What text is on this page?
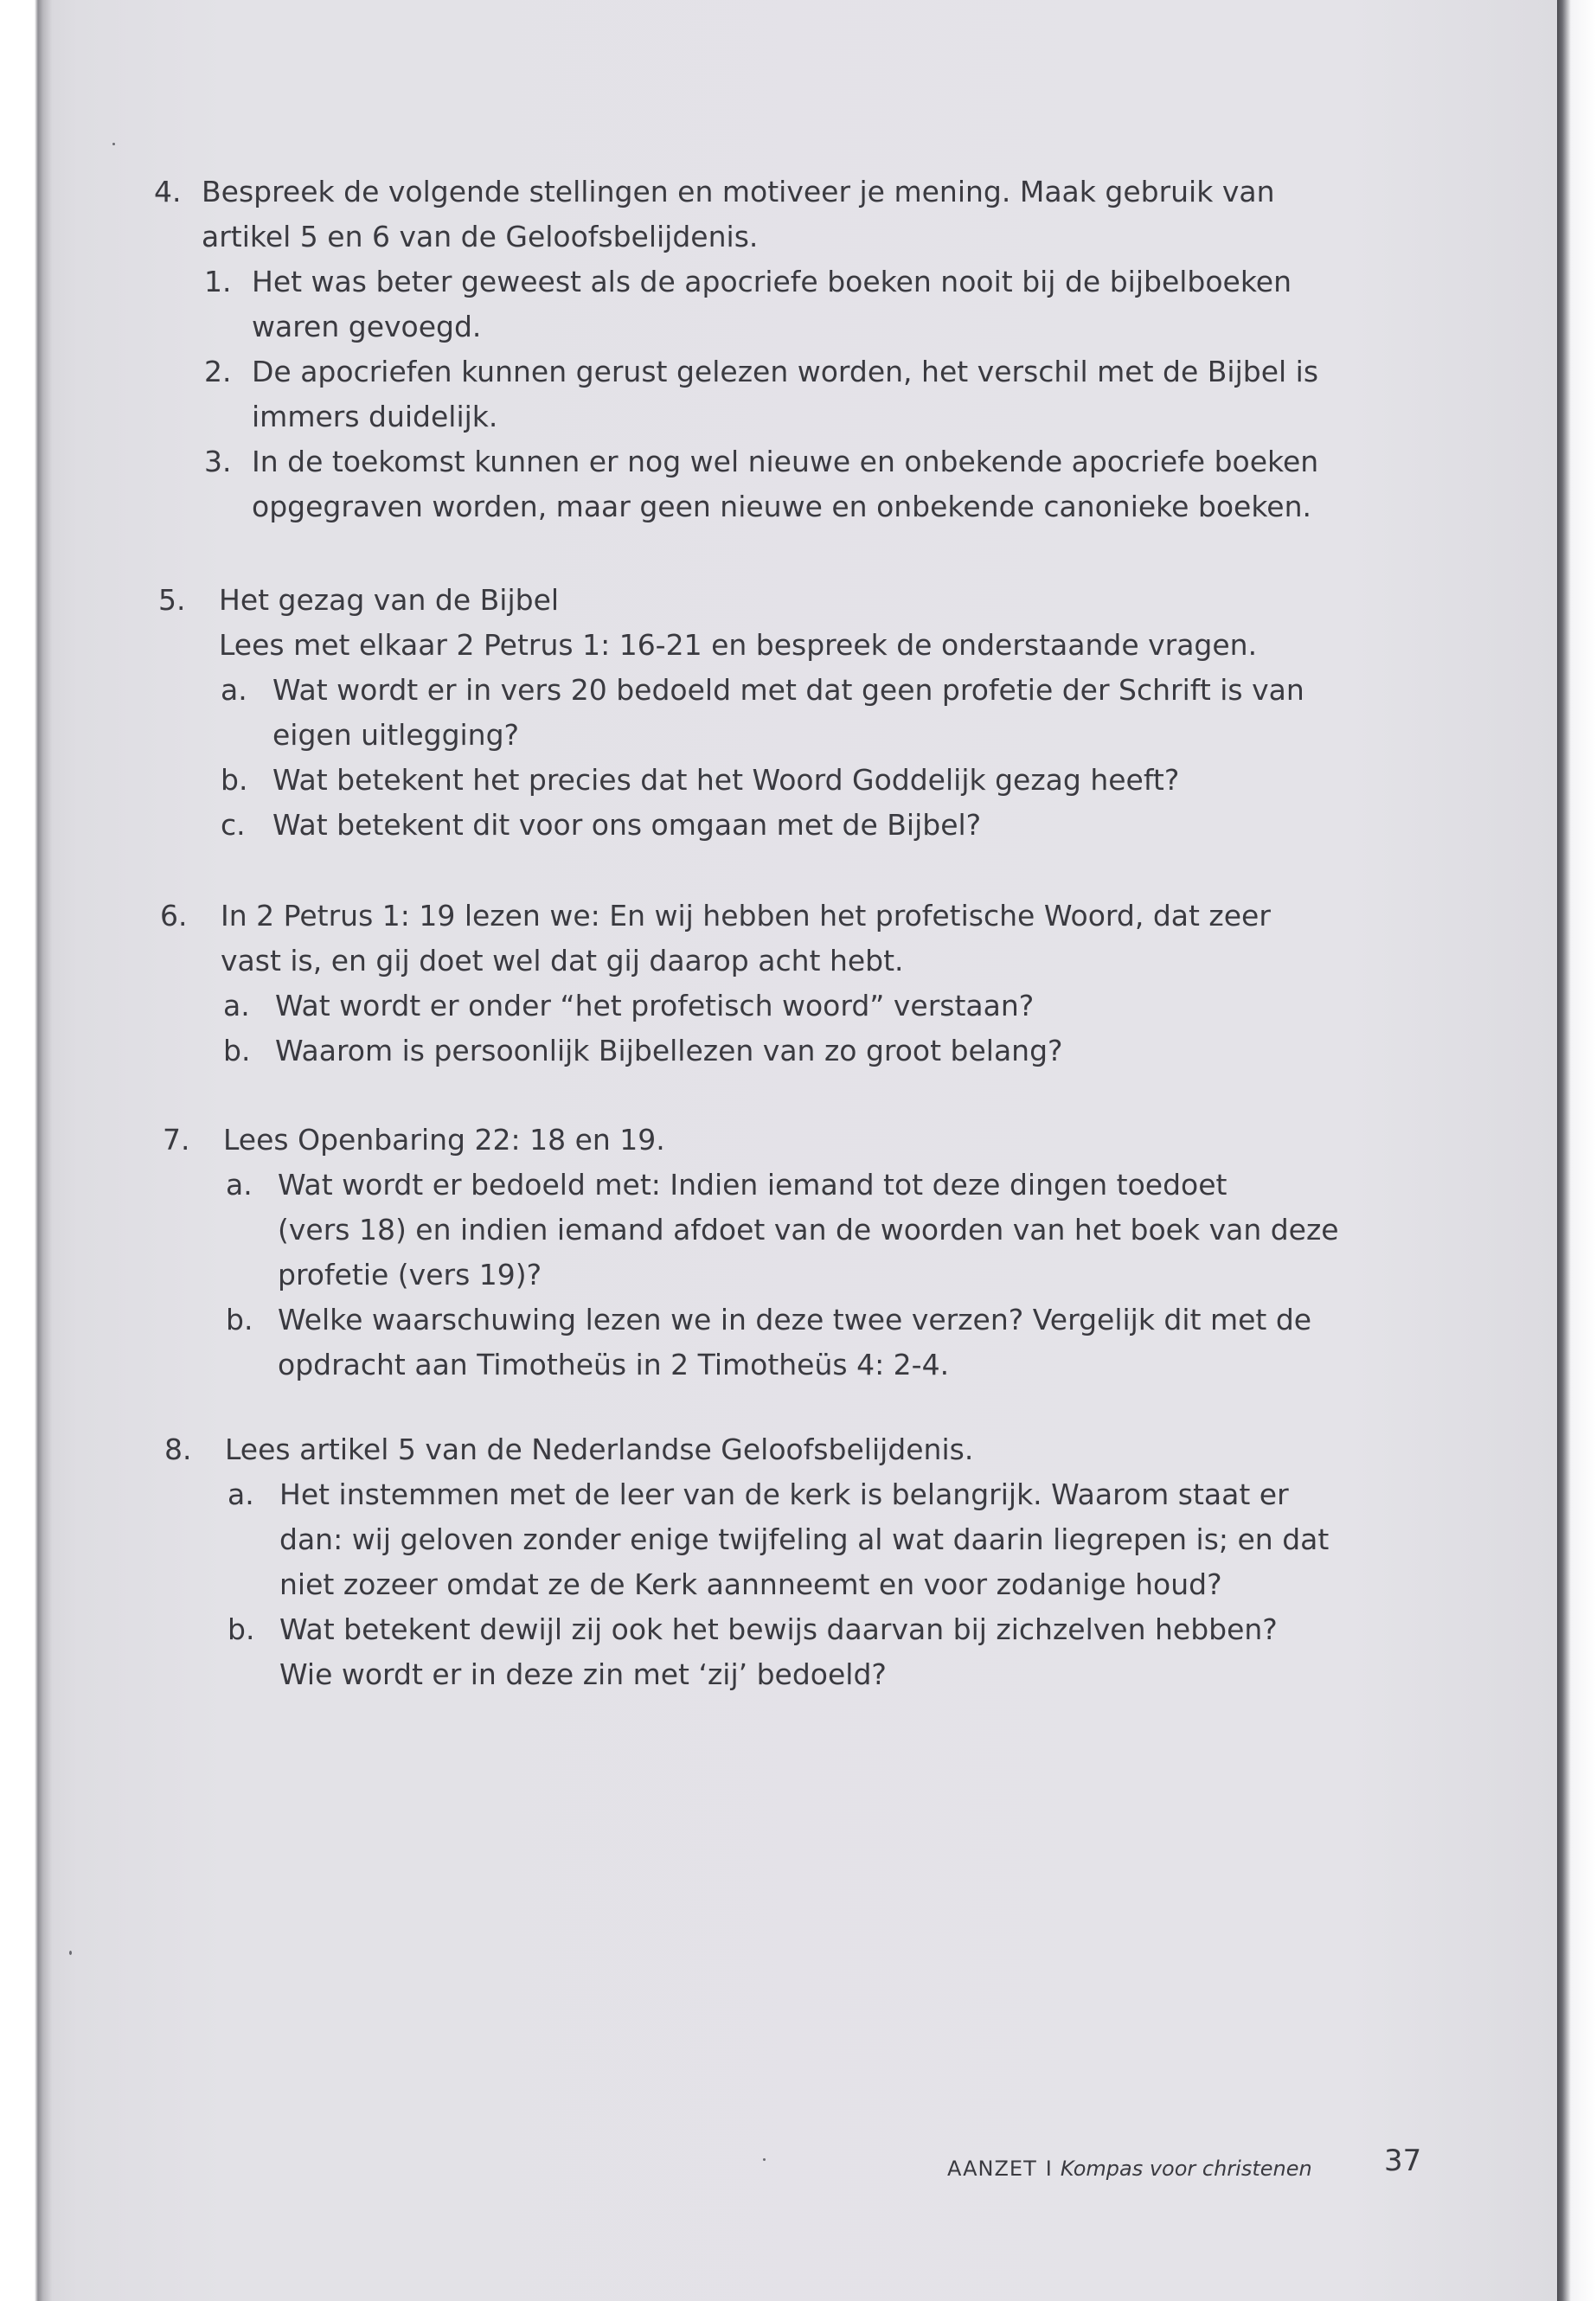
4. Bespreek de volgende stellingen en motiveer je mening. Maak gebruik van
artikel 5 en 6 van de Geloofsbelijdenis.
1. Het was beter geweest als de apocriefe boeken nooit bij de bijbelboeken
waren gevoegd.
2. De apocriefen kunnen gerust gelezen worden, het verschil met de Bijbel is
immers duidelijk.
3. In de toekomst kunnen er nog wel nieuwe en onbekende apocriefe boeken
opgegraven worden, maar geen nieuwe en onbekende canonieke boeken.
5. Het gezag van de Bijbel
Lees met elkaar 2 Petrus 1: 16-21 en bespreek de onderstaande vragen.
a. Wat wordt er in vers 20 bedoeld met dat geen profetie der Schrift is van
eigen uitlegging?
b. Wat betekent het precies dat het Woord Goddelijk gezag heeft?
c. Wat betekent dit voor ons omgaan met de Bijbel?
6. In 2 Petrus 1: 19 lezen we: En wij hebben het profetische Woord, dat zeer
vast is, en gij doet wel dat gij daarop acht hebt.
a. Wat wordt er onder “het profetisch woord” verstaan?
b. Waarom is persoonlijk Bijbellezen van zo groot belang?
7. Lees Openbaring 22: 18 en 19.
a. Wat wordt er bedoeld met: Indien iemand tot deze dingen toedoet
(vers 18) en indien iemand afdoet van de woorden van het boek van deze
profetie (vers 19)?
b. Welke waarschuwing lezen we in deze twee verzen? Vergelijk dit met de
opdracht aan Timotheüs in 2 Timotheüs 4: 2-4.
8. Lees artikel 5 van de Nederlandse Geloofsbelijdenis.
a. Het instemmen met de leer van de kerk is belangrijk. Waarom staat er
dan: wij geloven zonder enige twijfeling al wat daarin liegrepen is; en dat
niet zozeer omdat ze de Kerk aannneemt en voor zodanige houd?
b. Wat betekent dewijl zij ook het bewijs daarvan bij zichzelven hebben?
Wie wordt er in deze zin met ‘zij’ bedoeld?
AANZET I Kompas voor christenen 37
